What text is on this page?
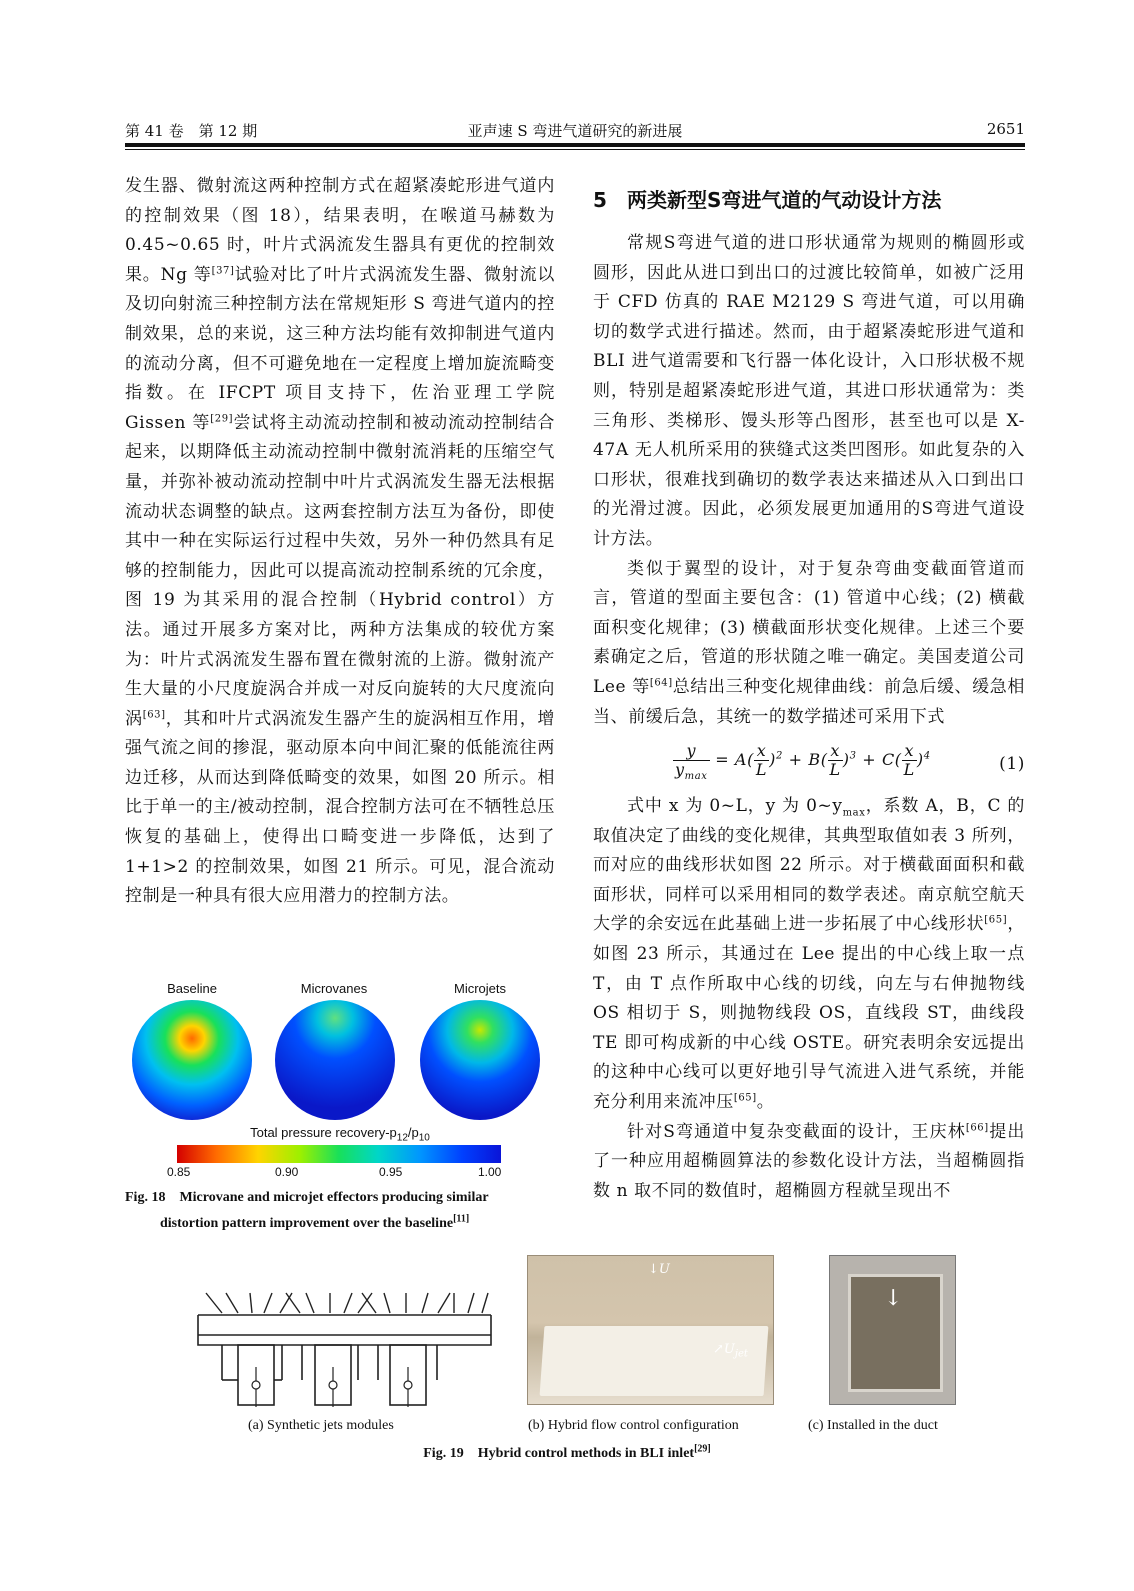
第 41 卷　第 12 期	亚声速 S 弯进气道研究的新进展	2651

发生器、微射流这两种控制方式在超紧凑蛇形进气道内的控制效果（图 18），结果表明，在喉道马赫数为 0.45~0.65 时，叶片式涡流发生器具有更优的控制效果。Ng 等[37]试验对比了叶片式涡流发生器、微射流以及切向射流三种控制方法在常规矩形 S 弯进气道内的控制效果，总的来说，这三种方法均能有效抑制进气道内的流动分离，但不可避免地在一定程度上增加旋流畸变指数。在 IFCPT 项目支持下，佐治亚理工学院 Gissen 等[29]尝试将主动流动控制和被动流动控制结合起来，以期降低主动流动控制中微射流消耗的压缩空气量，并弥补被动流动控制中叶片式涡流发生器无法根据流动状态调整的缺点。这两套控制方法互为备份，即使其中一种在实际运行过程中失效，另外一种仍然具有足够的控制能力，因此可以提高流动控制系统的冗余度，图 19 为其采用的混合控制（Hybrid control）方法。通过开展多方案对比，两种方法集成的较优方案为：叶片式涡流发生器布置在微射流的上游。微射流产生大量的小尺度旋涡合并成一对反向旋转的大尺度流向涡[63]，其和叶片式涡流发生器产生的旋涡相互作用，增强气流之间的掺混，驱动原本向中间汇聚的低能流往两边迁移，从而达到降低畸变的效果，如图 20 所示。相比于单一的主/被动控制，混合控制方法可在不牺牲总压恢复的基础上，使得出口畸变进一步降低，达到了 1+1>2 的控制效果，如图 21 所示。可见，混合流动控制是一种具有很大应用潜力的控制方法。

5 两类新型S弯进气道的气动设计方法

常规S弯进气道的进口形状通常为规则的椭圆形或圆形，因此从进口到出口的过渡比较简单，如被广泛用于 CFD 仿真的 RAE M2129 S 弯进气道，可以用确切的数学式进行描述。然而，由于超紧凑蛇形进气道和 BLI 进气道需要和飞行器一体化设计，入口形状极不规则，特别是超紧凑蛇形进气道，其进口形状通常为：类三角形、类梯形、馒头形等凸图形，甚至也可以是 X-47A 无人机所采用的狭缝式这类凹图形。如此复杂的入口形状，很难找到确切的数学表达来描述从入口到出口的光滑过渡。因此，必须发展更加通用的S弯进气道设计方法。

类似于翼型的设计，对于复杂弯曲变截面管道而言，管道的型面主要包含：(1) 管道中心线；(2) 横截面积变化规律；(3) 横截面形状变化规律。上述三个要素确定之后，管道的形状随之唯一确定。美国麦道公司 Lee 等[64]总结出三种变化规律曲线：前急后缓、缓急相当、前缓后急，其统一的数学描述可采用下式

$\frac{y}{y_{max}} = A( \frac{x}{L} )^2 + B( \frac{x}{L} )^3 + C( \frac{x}{L} )^4$	(1)

式中 x 为 0~L，y 为 $0\sim y_{max}$，系数 A，B，C 的取值决定了曲线的变化规律，其典型取值如表 3 所列，而对应的曲线形状如图 22 所示。对于横截面面积和截面形状，同样可以采用相同的数学表述。南京航空航天大学的余安远在此基础上进一步拓展了中心线形状[65]，如图 23 所示，其通过在 Lee 提出的中心线上取一点 T，由 T 点作所取中心线的切线，向左与右伸抛物线 OS 相切于 S，则抛物线段 OS，直线段 ST，曲线段 TE 即可构成新的中心线 OSTE。研究表明余安远提出的这种中心线可以更好地引导气流进入进气系统，并能充分利用来流冲压[65]。

针对S弯通道中复杂变截面的设计，王庆林[66]提出了一种应用超椭圆算法的参数化设计方法，当超椭圆指数 n 取不同的数值时，超椭圆方程就呈现出不

Baseline	Microvanes	Microjets
Total pressure recovery-$p_{12}/p_{10}$
0.85	0.90	0.95	1.00
Fig. 18　Microvane and microjet effectors producing similar
distortion pattern improvement over the baseline[11]
↓U
$↗U_{jet}$
↓
(a) Synthetic jets modules	(b) Hybrid flow control configuration	(c) Installed in the duct
Fig. 19　Hybrid control methods in BLI inlet[29]
